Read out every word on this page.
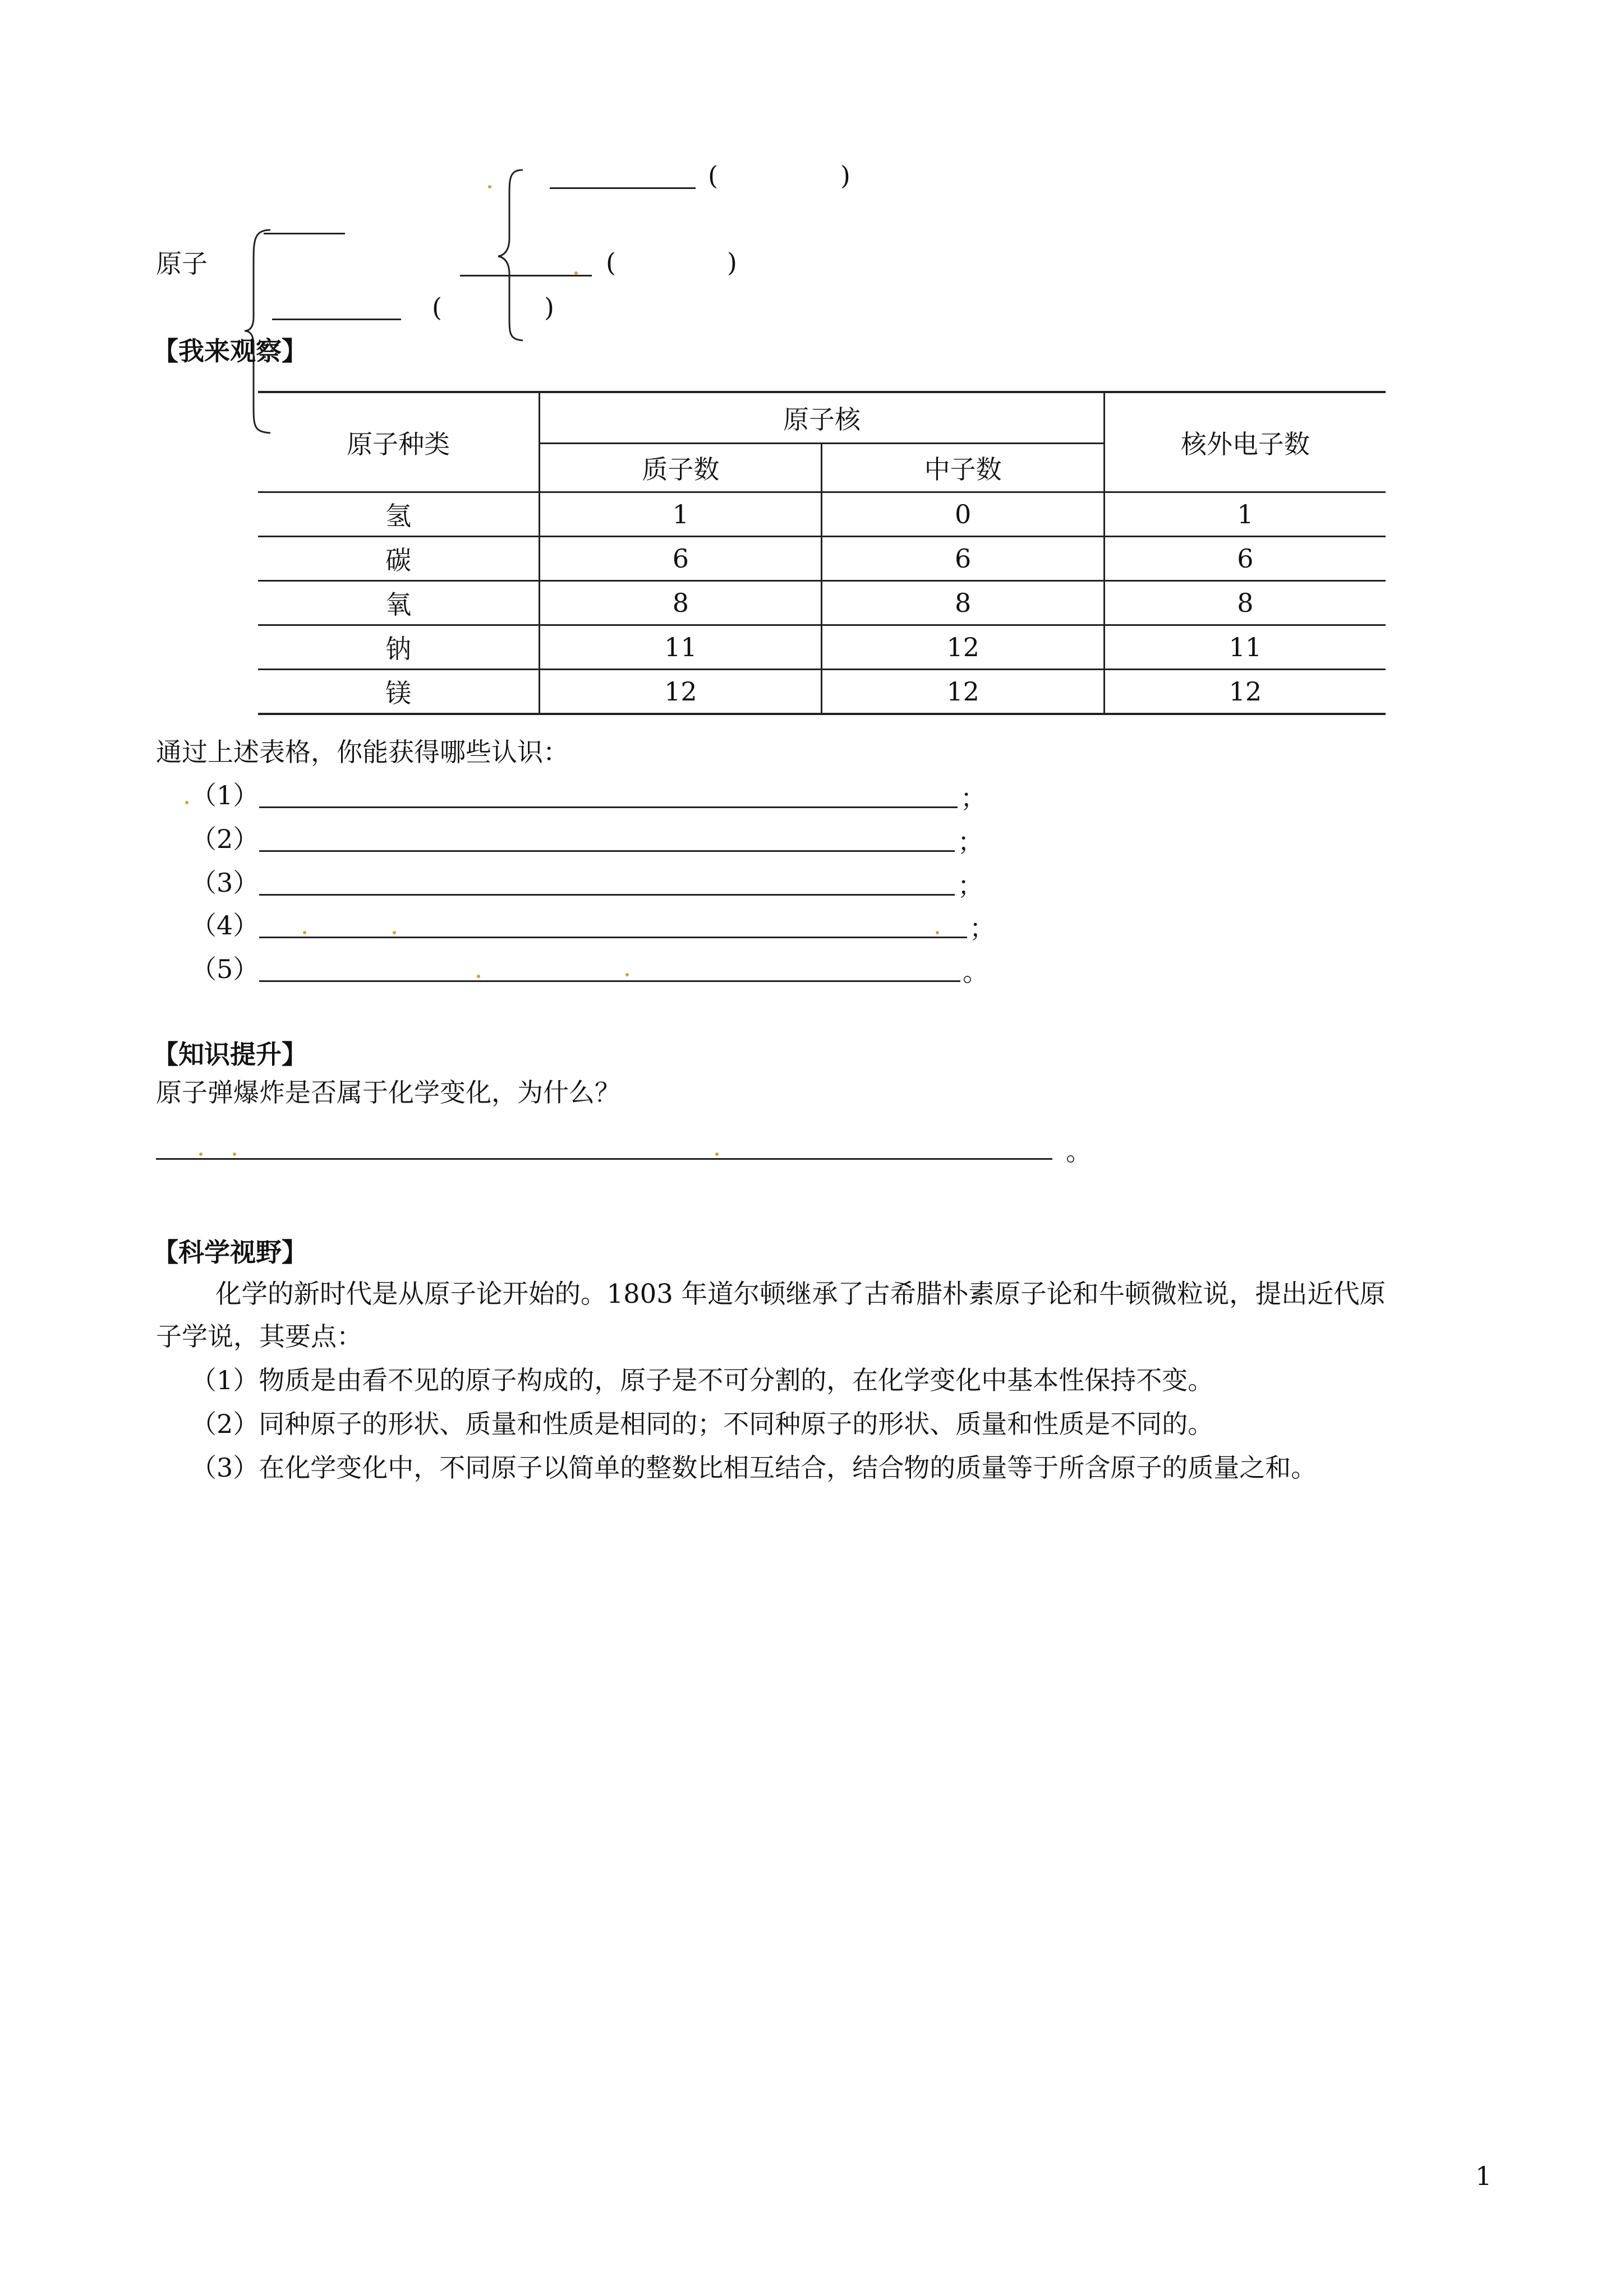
原子
(	)
(	)
(	)
【我来观察】
原子种类	原子核		核外电子数
	质子数	中子数	
氢	1	0	1
碳	6	6	6
氧	8	8	8
钠	11	12	11
镁	12	12	12
通过上述表格，你能获得哪些认识：
（1）	；
（2）	；
（3）	；
（4）	；
（5）	。
【知识提升】
原子弹爆炸是否属于化学变化，为什么？
。
【科学视野】
化学的新时代是从原子论开始的。1803 年道尔顿继承了古希腊朴素原子论和牛顿微粒说，提出近代原
子学说，其要点：
（1）物质是由看不见的原子构成的，原子是不可分割的，在化学变化中基本性保持不变。
（2）同种原子的形状、质量和性质是相同的；不同种原子的形状、质量和性质是不同的。
（3）在化学变化中，不同原子以简单的整数比相互结合，结合物的质量等于所含原子的质量之和。
1
